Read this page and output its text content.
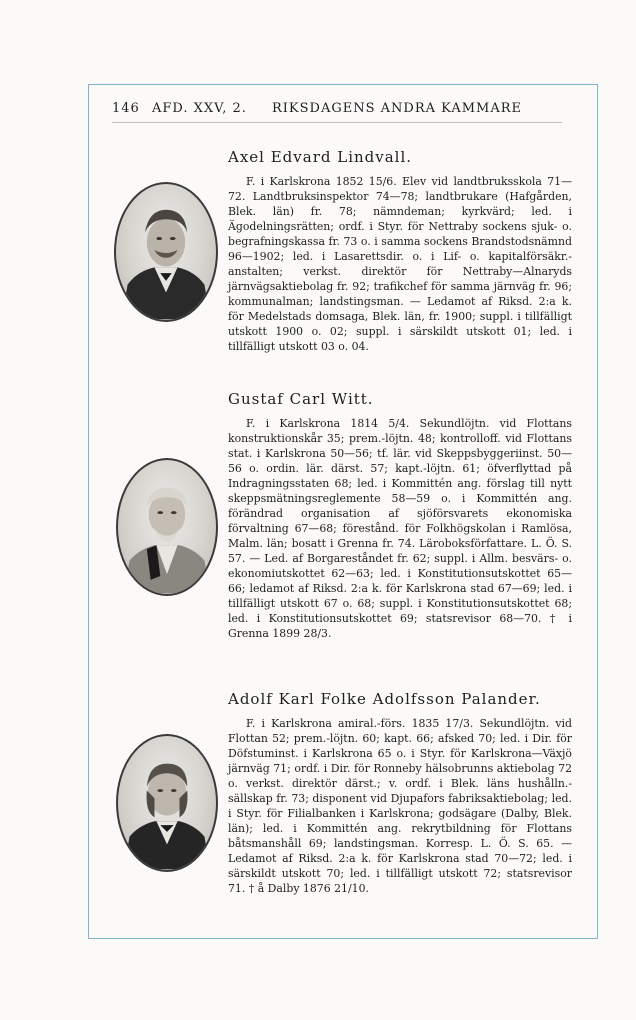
146 AFD. XXV, 2. RIKSDAGENS ANDRA KAMMARE
Axel Edvard Lindvall.

F. i Karlskrona 1852 15/6. Elev vid landtbruksskola 71—72. Landtbruksinspektor 74—78; landtbrukare (Hafgården, Blek. län) fr. 78; nämndeman; kyrkvärd; led. i Ägodelningsrätten; ordf. i Styr. för Nettraby sockens sjuk- o. begrafningskassa fr. 73 o. i samma sockens Brandstodsnämnd 96—1902; led. i Lasarettsdir. o. i Lif- o. kapitalförsäkr.-anstalten; verkst. direktör för Nettraby—Alnaryds järnvägsaktiebolag fr. 92; trafikchef för samma järnväg fr. 96; kommunalman; landstingsman. — Ledamot af Riksd. 2:a k. för Medelstads domsaga, Blek. län, fr. 1900; suppl. i tillfälligt utskott 1900 o. 02; suppl. i särskildt utskott 01; led. i tillfälligt utskott 03 o. 04.

Gustaf Carl Witt.

F. i Karlskrona 1814 5/4. Sekundlöjtn. vid Flottans konstruktionskår 35; prem.-löjtn. 48; kontrolloff. vid Flottans stat. i Karlskrona 50—56; tf. lär. vid Skeppsbyggeriinst. 50—56 o. ordin. lär. därst. 57; kapt.-löjtn. 61; öfverflyttad på Indragningsstaten 68; led. i Kommittén ang. förslag till nytt skeppsmätningsreglemente 58—59 o. i Kommittén ang. förändrad organisation af sjöförsvarets ekonomiska förvaltning 67—68; förestånd. för Folkhögskolan i Ramlösa, Malm. län; bosatt i Grenna fr. 74. Läroboksförfattare. L. Ö. S. 57. — Led. af Borgareståndet fr. 62; suppl. i Allm. besvärs- o. ekonomiutskottet 62—63; led. i Konstitutionsutskottet 65—66; ledamot af Riksd. 2:a k. för Karlskrona stad 67—69; led. i tillfälligt utskott 67 o. 68; suppl. i Konstitutionsutskottet 68; led. i Konstitutionsutskottet 69; statsrevisor 68—70. † i Grenna 1899 28/3.

Adolf Karl Folke Adolfsson Palander.

F. i Karlskrona amiral.-förs. 1835 17/3. Sekundlöjtn. vid Flottan 52; prem.-löjtn. 60; kapt. 66; afsked 70; led. i Dir. för Döfstuminst. i Karlskrona 65 o. i Styr. för Karlskrona—Växjö järnväg 71; ordf. i Dir. för Ronneby hälsobrunns aktiebolag 72 o. verkst. direktör därst.; v. ordf. i Blek. läns hushålln.-sällskap fr. 73; disponent vid Djupafors fabriksaktiebolag; led. i Styr. för Filialbanken i Karlskrona; godsägare (Dalby, Blek. län); led. i Kommittén ang. rekrytbildning för Flottans båtsmanshåll 69; landstingsman. Korresp. L. Ö. S. 65. — Ledamot af Riksd. 2:a k. för Karlskrona stad 70—72; led. i särskildt utskott 70; led. i tillfälligt utskott 72; statsrevisor 71. † å Dalby 1876 21/10.
